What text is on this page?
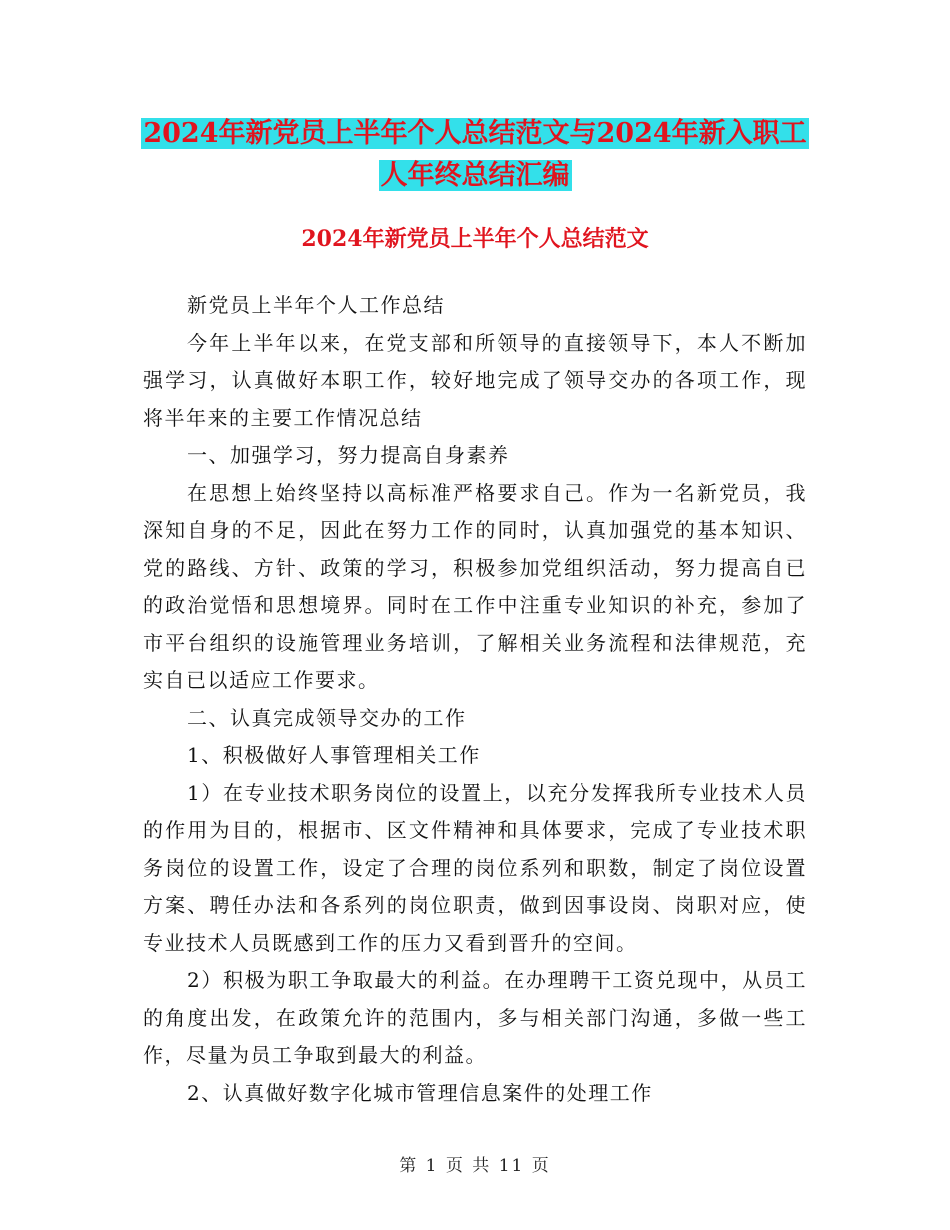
2024年新党员上半年个人总结范文与2024年新入职工
人年终总结汇编
2024年新党员上半年个人总结范文

新党员上半年个人工作总结

今年上半年以来，在党支部和所领导的直接领导下，本人不断加强学习，认真做好本职工作，较好地完成了领导交办的各项工作，现将半年来的主要工作情况总结

一、加强学习，努力提高自身素养

在思想上始终坚持以高标准严格要求自己。作为一名新党员，我深知自身的不足，因此在努力工作的同时，认真加强党的基本知识、党的路线、方针、政策的学习，积极参加党组织活动，努力提高自已的政治觉悟和思想境界。同时在工作中注重专业知识的补充，参加了市平台组织的设施管理业务培训，了解相关业务流程和法律规范，充实自已以适应工作要求。

二、认真完成领导交办的工作

1、积极做好人事管理相关工作

1）在专业技术职务岗位的设置上，以充分发挥我所专业技术人员的作用为目的，根据市、区文件精神和具体要求，完成了专业技术职务岗位的设置工作，设定了合理的岗位系列和职数，制定了岗位设置方案、聘任办法和各系列的岗位职责，做到因事设岗、岗职对应，使专业技术人员既感到工作的压力又看到晋升的空间。

2）积极为职工争取最大的利益。在办理聘干工资兑现中，从员工的角度出发，在政策允许的范围内，多与相关部门沟通，多做一些工作，尽量为员工争取到最大的利益。

2、认真做好数字化城市管理信息案件的处理工作

第 1 页 共 11 页
